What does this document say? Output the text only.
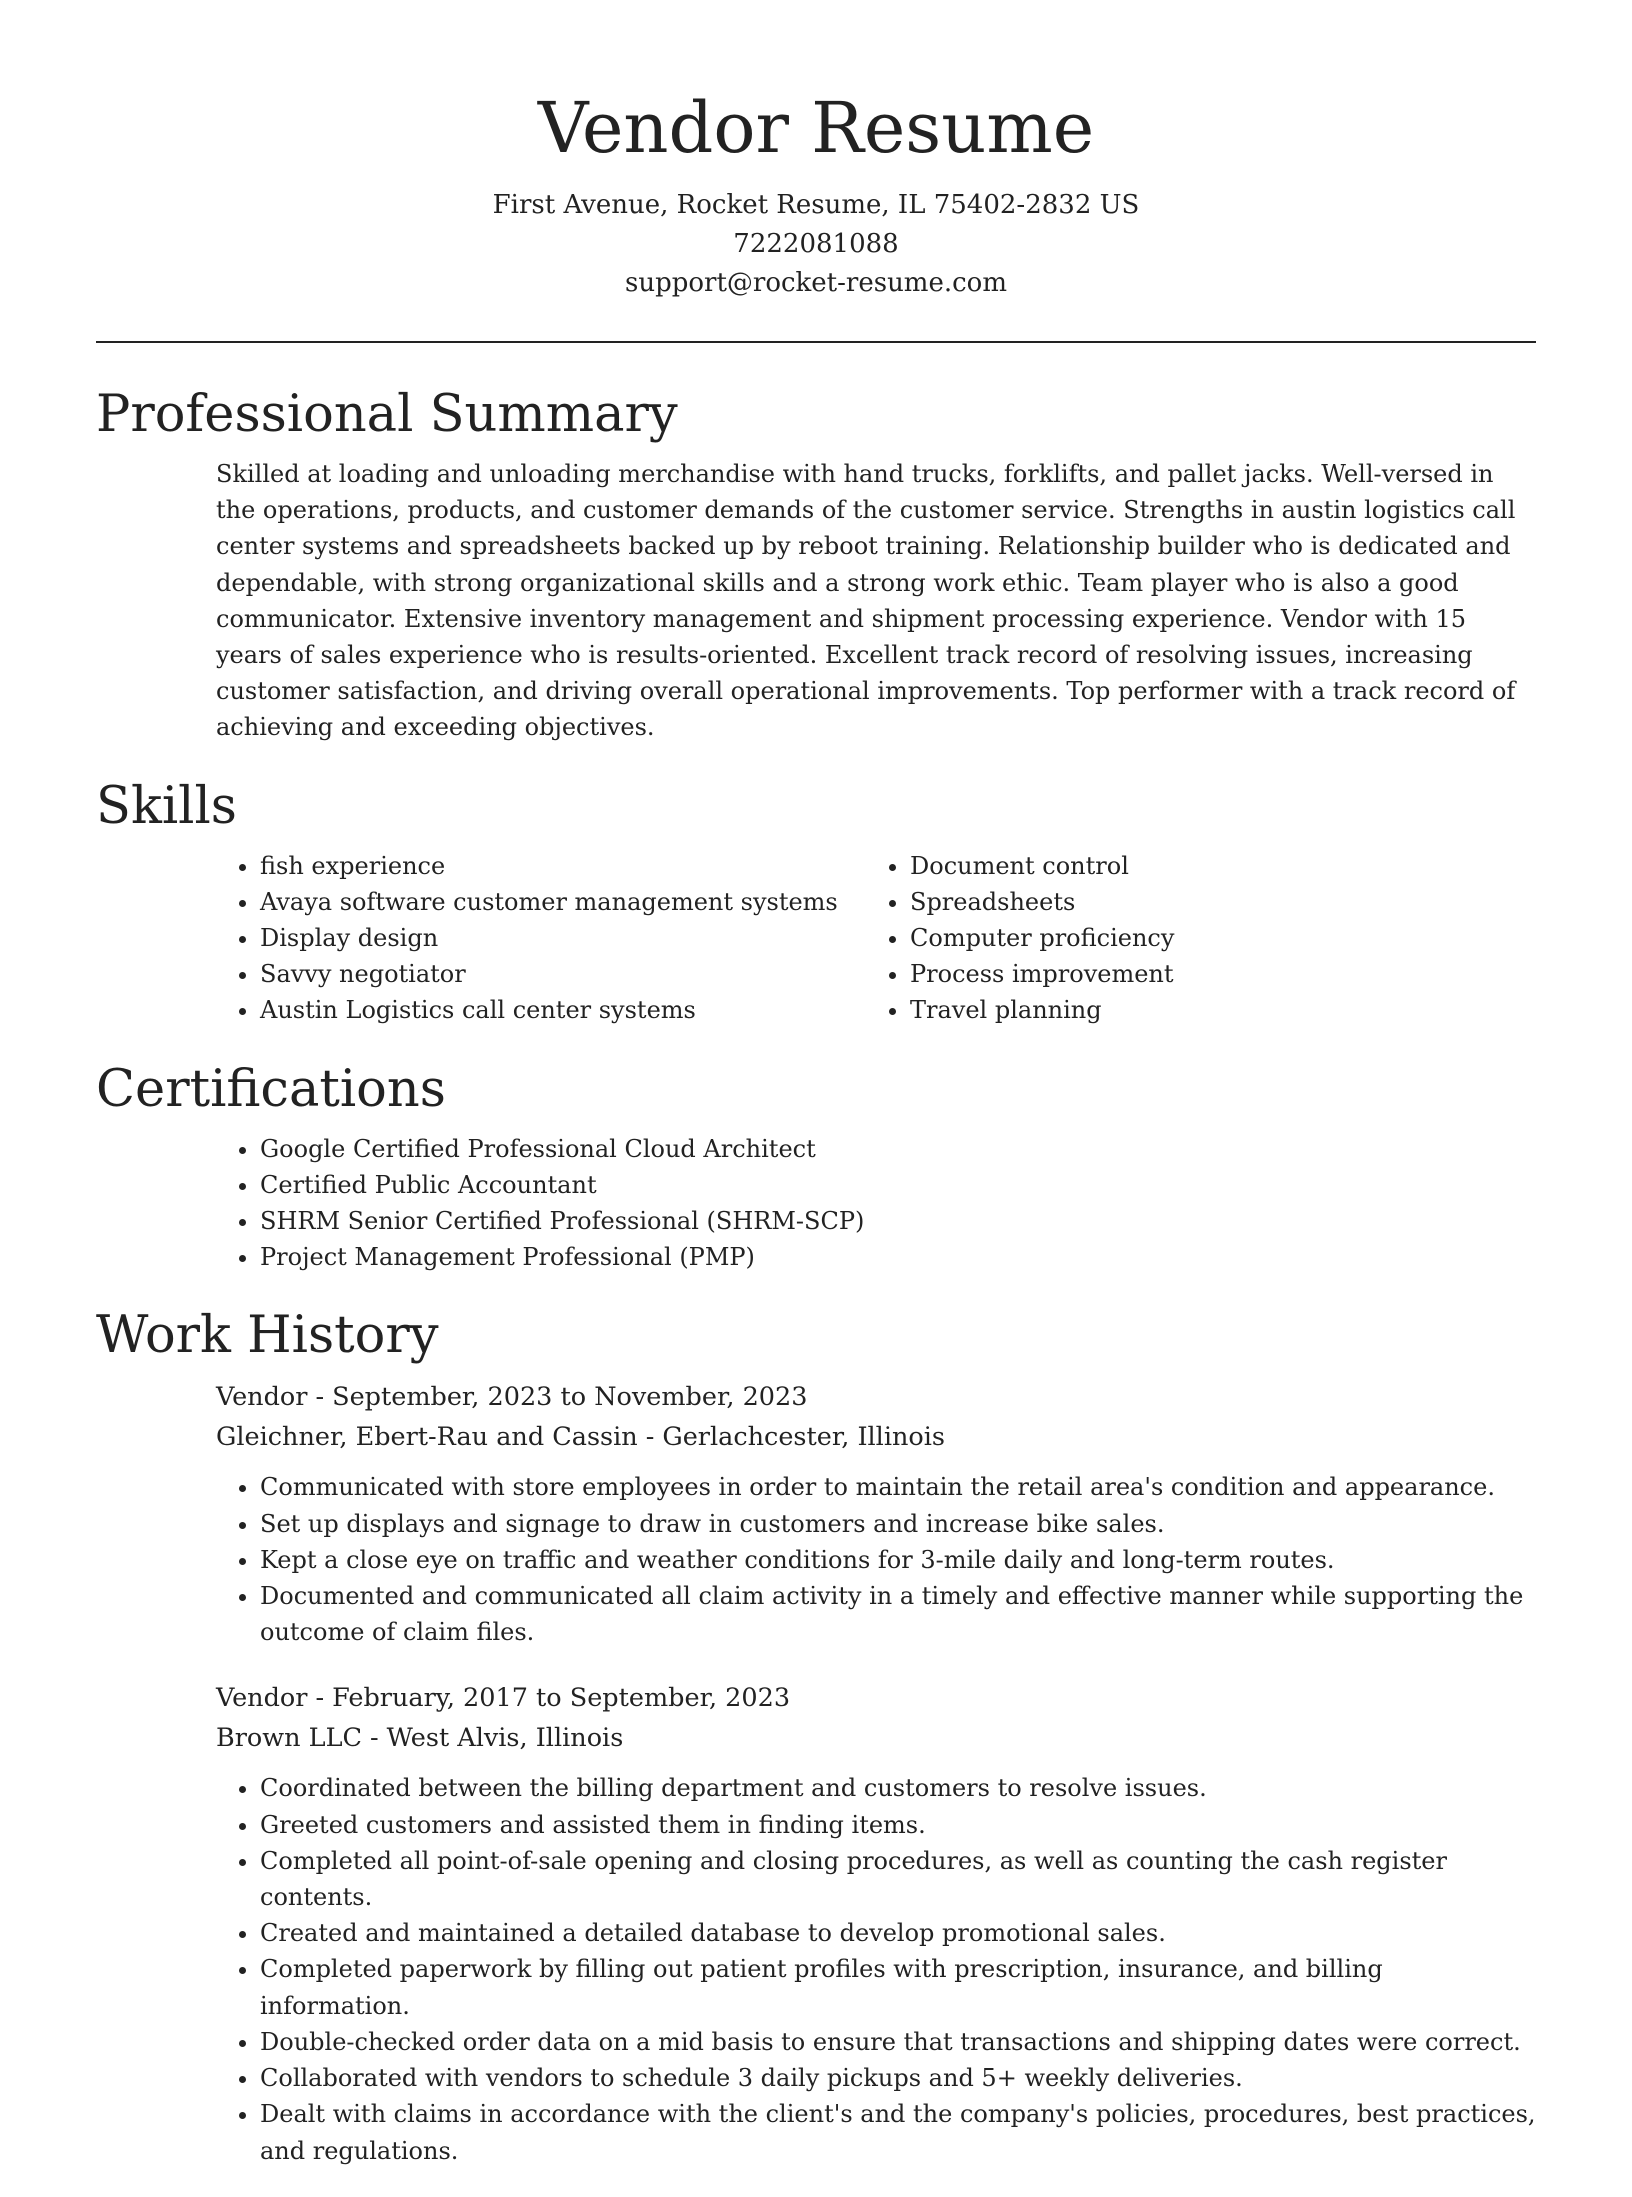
Vendor Resume

First Avenue, Rocket Resume, IL 75402-2832 US

7222081088

support@rocket-resume.com

Professional Summary

Skilled at loading and unloading merchandise with hand trucks, forklifts, and pallet jacks. Well-versed in the operations, products, and customer demands of the customer service. Strengths in austin logistics call center systems and spreadsheets backed up by reboot training. Relationship builder who is dedicated and dependable, with strong organizational skills and a strong work ethic. Team player who is also a good communicator. Extensive inventory management and shipment processing experience. Vendor with 15 years of sales experience who is results-oriented. Excellent track record of resolving issues, increasing customer satisfaction, and driving overall operational improvements. Top performer with a track record of achieving and exceeding objectives.

Skills
• fish experience
• Avaya software customer management systems
• Display design
• Savvy negotiator
• Austin Logistics call center systems
• Document control
• Spreadsheets
• Computer proficiency
• Process improvement
• Travel planning
Certifications
• Google Certified Professional Cloud Architect
• Certified Public Accountant
• SHRM Senior Certified Professional (SHRM-SCP)
• Project Management Professional (PMP)
Work History

Vendor - September, 2023 to November, 2023

Gleichner, Ebert-Rau and Cassin - Gerlachcester, Illinois

• Communicated with store employees in order to maintain the retail area's condition and appearance.
• Set up displays and signage to draw in customers and increase bike sales.
• Kept a close eye on traffic and weather conditions for 3-mile daily and long-term routes.
• Documented and communicated all claim activity in a timely and effective manner while supporting the outcome of claim files.

Vendor - February, 2017 to September, 2023

Brown LLC - West Alvis, Illinois

• Coordinated between the billing department and customers to resolve issues.
• Greeted customers and assisted them in finding items.
• Completed all point-of-sale opening and closing procedures, as well as counting the cash register contents.
• Created and maintained a detailed database to develop promotional sales.
• Completed paperwork by filling out patient profiles with prescription, insurance, and billing information.
• Double-checked order data on a mid basis to ensure that transactions and shipping dates were correct.
• Collaborated with vendors to schedule 3 daily pickups and 5+ weekly deliveries.
• Dealt with claims in accordance with the client's and the company's policies, procedures, best practices, and regulations.
